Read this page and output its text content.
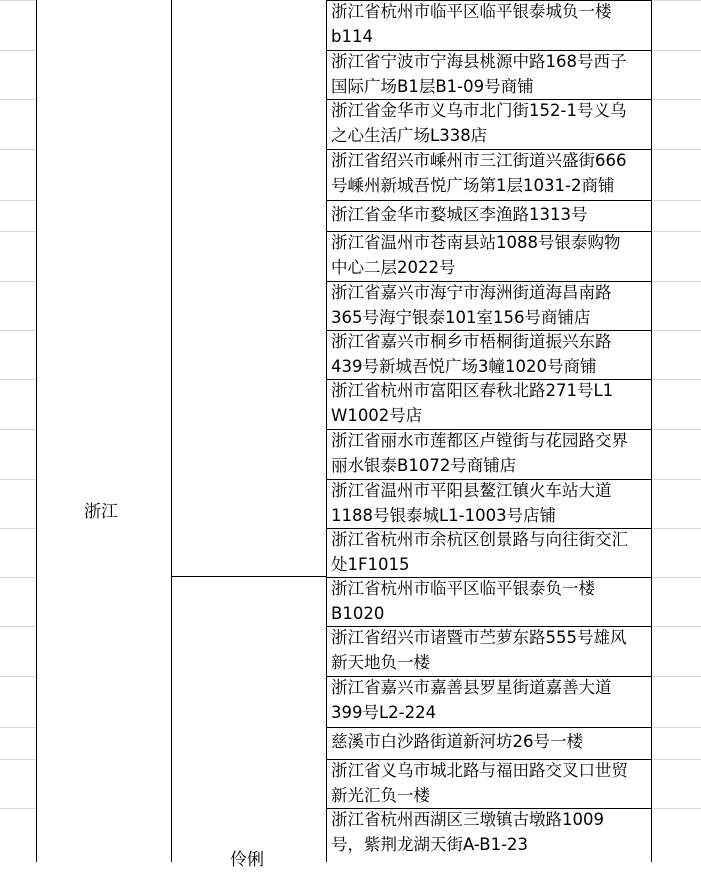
浙江
伶俐
浙江省杭州市临平区临平银泰城负一楼
b114
浙江省宁波市宁海县桃源中路168号西子
国际广场B1层B1-09号商铺
浙江省金华市义乌市北门街152-1号义乌
之心生活广场L338店
浙江省绍兴市嵊州市三江街道兴盛街666
号嵊州新城吾悦广场第1层1031-2商铺
浙江省金华市婺城区李渔路1313号
浙江省温州市苍南县站1088号银泰购物
中心二层2022号
浙江省嘉兴市海宁市海洲街道海昌南路
365号海宁银泰101室156号商铺店
浙江省嘉兴市桐乡市梧桐街道振兴东路
439号新城吾悦广场3幢1020号商铺
浙江省杭州市富阳区春秋北路271号L1
W1002号店
浙江省丽水市莲都区卢镗街与花园路交界
丽水银泰B1072号商铺店
浙江省温州市平阳县鳌江镇火车站大道
1188号银泰城L1-1003号店铺
浙江省杭州市余杭区创景路与向往街交汇
处1F1015
浙江省杭州市临平区临平银泰负一楼
B1020
浙江省绍兴市诸暨市苎萝东路555号雄风
新天地负一楼
浙江省嘉兴市嘉善县罗星街道嘉善大道
399号L2-224
慈溪市白沙路街道新河坊26号一楼
浙江省义乌市城北路与福田路交叉口世贸
新光汇负一楼
浙江省杭州西湖区三墩镇古墩路1009
号，紫荆龙湖天街A-B1-23
